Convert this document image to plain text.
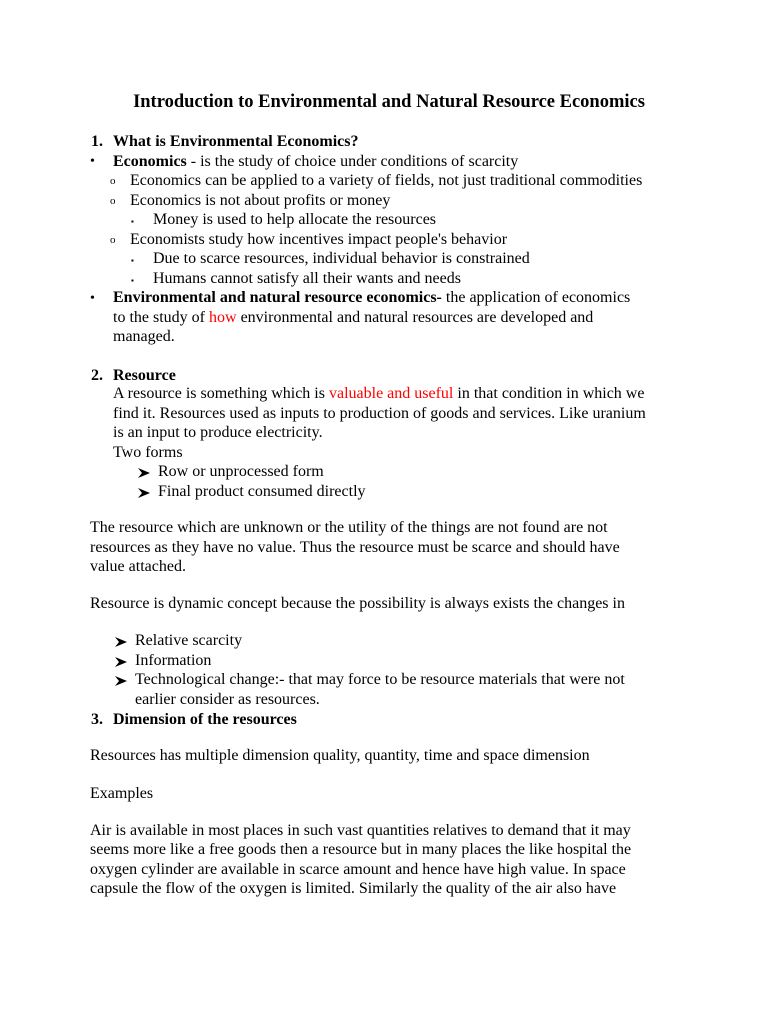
Introduction to Environmental and Natural Resource Economics
1. What is Environmental Economics?
• Economics - is the study of choice under conditions of scarcity
o Economics can be applied to a variety of fields, not just traditional commodities
o Economics is not about profits or money
▪ Money is used to help allocate the resources
o Economists study how incentives impact people's behavior
▪ Due to scarce resources, individual behavior is constrained
▪ Humans cannot satisfy all their wants and needs
• Environmental and natural resource economics- the application of economics
to the study of how environmental and natural resources are developed and
managed.
2. Resource
A resource is something which is valuable and useful in that condition in which we
find it. Resources used as inputs to production of goods and services. Like uranium
is an input to produce electricity.
Two forms
Row or unprocessed form
Final product consumed directly
The resource which are unknown or the utility of the things are not found are not
resources as they have no value. Thus the resource must be scarce and should have
value attached.
Resource is dynamic concept because the possibility is always exists the changes in
Relative scarcity
Information
Technological change:- that may force to be resource materials that were not
earlier consider as resources.
3. Dimension of the resources
Resources has multiple dimension quality, quantity, time and space dimension
Examples
Air is available in most places in such vast quantities relatives to demand that it may
seems more like a free goods then a resource but in many places the like hospital the
oxygen cylinder are available in scarce amount and hence have high value. In space
capsule the flow of the oxygen is limited. Similarly the quality of the air also have
